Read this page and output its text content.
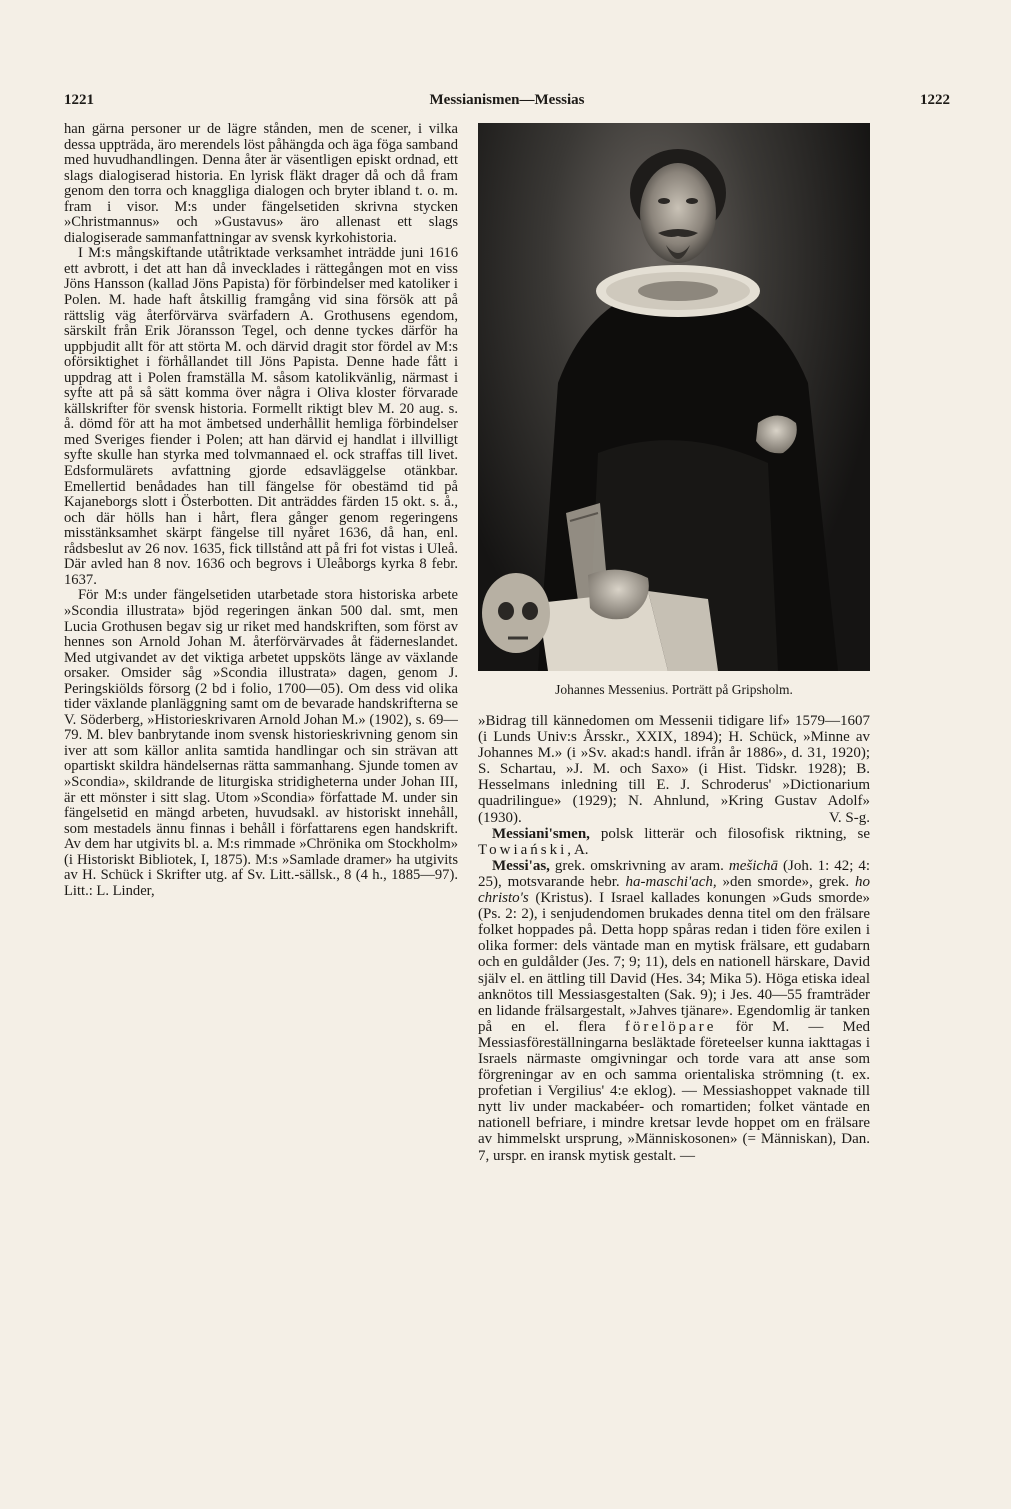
1221	Messianismen—Messias	1222

han gärna personer ur de lägre stånden, men de scener, i vilka dessa uppträda, äro merendels löst påhängda och äga föga samband med huvudhandlingen. Denna åter är väsentligen episkt ordnad, ett slags dialogiserad historia. En lyrisk fläkt drager då och då fram genom den torra och knaggliga dialogen och bryter ibland t. o. m. fram i visor. M:s under fängelsetiden skrivna stycken »Christmannus» och »Gustavus» äro allenast ett slags dialogiserade sammanfattningar av svensk kyrkohistoria.

I M:s mångskiftande utåtriktade verksamhet inträdde juni 1616 ett avbrott, i det att han då invecklades i rättegången mot en viss Jöns Hansson (kallad Jöns Papista) för förbindelser med katoliker i Polen. M. hade haft åtskillig framgång vid sina försök att på rättslig väg återförvärva svärfadern A. Grothusens egendom, särskilt från Erik Jöransson Tegel, och denne tyckes därför ha uppbjudit allt för att störta M. och därvid dragit stor fördel av M:s oförsiktighet i förhållandet till Jöns Papista. Denne hade fått i uppdrag att i Polen framställa M. såsom katolikvänlig, närmast i syfte att på så sätt komma över några i Oliva kloster förvarade källskrifter för svensk historia. Formellt riktigt blev M. 20 aug. s. å. dömd för att ha mot ämbetsed underhållit hemliga förbindelser med Sveriges fiender i Polen; att han därvid ej handlat i illvilligt syfte skulle han styrka med tolvmannaed el. ock straffas till livet. Edsformulärets avfattning gjorde edsavläggelse otänkbar. Emellertid benådades han till fängelse för obestämd tid på Kajaneborgs slott i Österbotten. Dit anträddes färden 15 okt. s. å., och där hölls han i hårt, flera gånger genom regeringens misstänksamhet skärpt fängelse till nyåret 1636, då han, enl. rådsbeslut av 26 nov. 1635, fick tillstånd att på fri fot vistas i Uleå. Där avled han 8 nov. 1636 och begrovs i Uleåborgs kyrka 8 febr. 1637.

För M:s under fängelsetiden utarbetade stora historiska arbete »Scondia illustrata» bjöd regeringen änkan 500 dal. smt, men Lucia Grothusen begav sig ur riket med handskriften, som först av hennes son Arnold Johan M. återförvärvades åt fäderneslandet. Med utgivandet av det viktiga arbetet uppsköts länge av växlande orsaker. Omsider såg »Scondia illustrata» dagen, genom J. Peringskiölds försorg (2 bd i folio, 1700—05). Om dess vid olika tider växlande planläggning samt om de bevarade handskrifterna se V. Söderberg, »Historieskrivaren Arnold Johan M.» (1902), s. 69—79. M. blev banbrytande inom svensk historieskrivning genom sin iver att som källor anlita samtida handlingar och sin strävan att opartiskt skildra händelsernas rätta sammanhang. Sjunde tomen av »Scondia», skildrande de liturgiska stridigheterna under Johan III, är ett mönster i sitt slag. Utom »Scondia» författade M. under sin fängelsetid en mängd arbeten, huvudsakl. av historiskt innehåll, som mestadels ännu finnas i behåll i författarens egen handskrift. Av dem har utgivits bl. a. M:s rimmade »Chrönika om Stockholm» (i Historiskt Bibliotek, I, 1875). M:s »Samlade dramer» ha utgivits av H. Schück i Skrifter utg. af Sv. Litt.-sällsk., 8 (4 h., 1885—97). Litt.: L. Linder,

Johannes Messenius. Porträtt på Gripsholm.

»Bidrag till kännedomen om Messenii tidigare lif» 1579—1607 (i Lunds Univ:s Årsskr., XXIX, 1894); H. Schück, »Minne av Johannes M.» (i »Sv. akad:s handl. ifrån år 1886», d. 31, 1920); S. Schartau, »J. M. och Saxo» (i Hist. Tidskr. 1928); B. Hesselmans inledning till E. J. Schroderus' »Dictionarium quadrilingue» (1929); N. Ahnlund, »Kring Gustav Adolf» (1930).	V. S-g.

Messiani'smen, polsk litterär och filosofisk riktning, se Towiański, A.

Messi'as, grek. omskrivning av aram. mešichā (Joh. 1: 42; 4: 25), motsvarande hebr. ha-maschi'ach, »den smorde», grek. ho christo's (Kristus). I Israel kallades konungen »Guds smorde» (Ps. 2: 2), i senjudendomen brukades denna titel om den frälsare folket hoppades på. Detta hopp spåras redan i tiden före exilen i olika former: dels väntade man en mytisk frälsare, ett gudabarn och en guldålder (Jes. 7; 9; 11), dels en nationell härskare, David själv el. en ättling till David (Hes. 34; Mika 5). Höga etiska ideal anknötos till Messiasgestalten (Sak. 9); i Jes. 40—55 framträder en lidande frälsargestalt, »Jahves tjänare». Egendomlig är tanken på en el. flera förelöpare för M. — Med Messiasföreställningarna besläktade företeelser kunna iakttagas i Israels närmaste omgivningar och torde vara att anse som förgreningar av en och samma orientaliska strömning (t. ex. profetian i Vergilius' 4:e eklog). — Messiashoppet vaknade till nytt liv under mackabéer- och romartiden; folket väntade en nationell befriare, i mindre kretsar levde hoppet om en frälsare av himmelskt ursprung, »Människosonen» (= Människan), Dan. 7, urspr. en iransk mytisk gestalt. —
